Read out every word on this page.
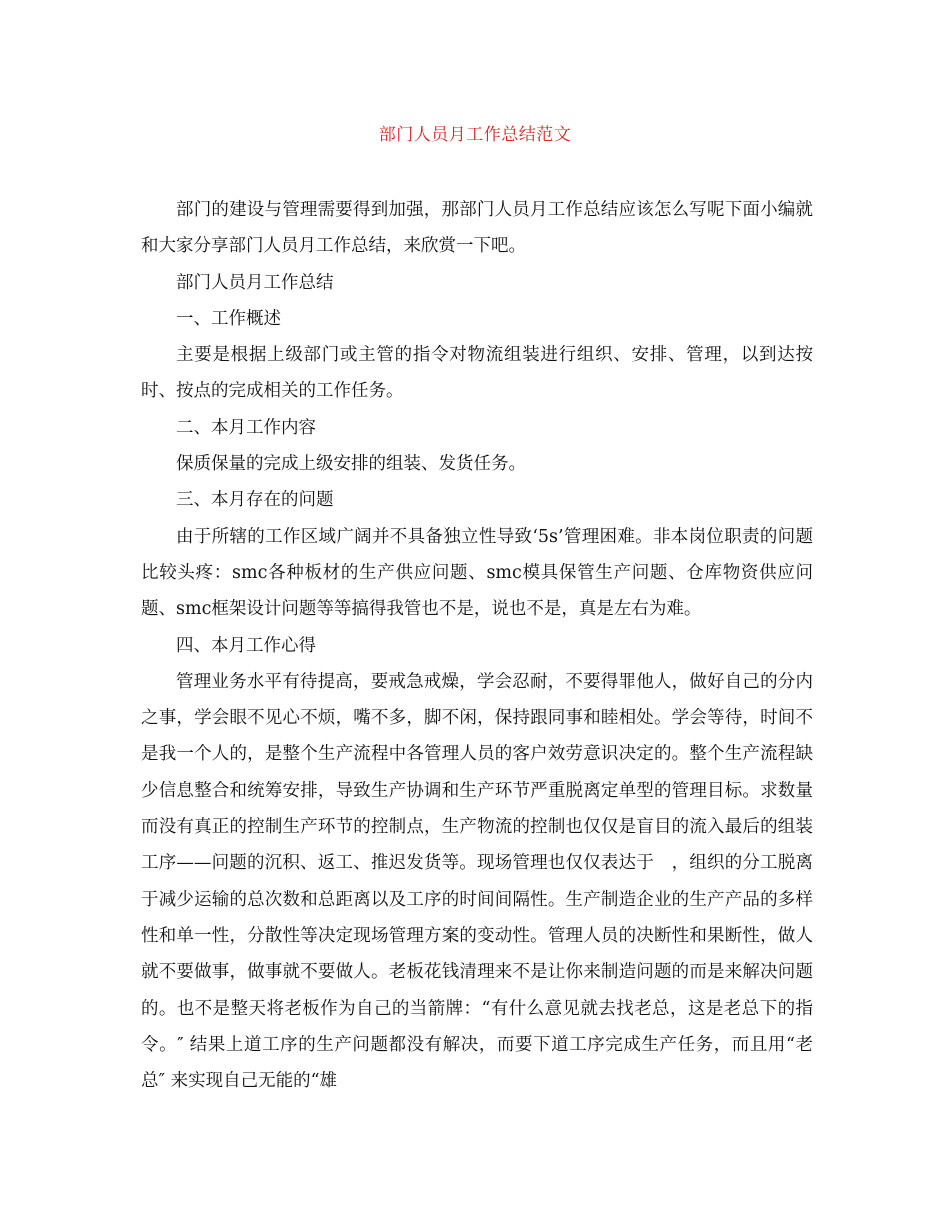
部门人员月工作总结范文

部门的建设与管理需要得到加强，那部门人员月工作总结应该怎么写呢下面小编就和大家分享部门人员月工作总结，来欣赏一下吧。

部门人员月工作总结

一、工作概述

主要是根据上级部门或主管的指令对物流组装进行组织、安排、管理，以到达按时、按点的完成相关的工作任务。

二、本月工作内容

保质保量的完成上级安排的组装、发货任务。

三、本月存在的问题

由于所辖的工作区域广阔并不具备独立性导致‘5s’管理困难。非本岗位职责的问题比较头疼：smc各种板材的生产供应问题、smc模具保管生产问题、仓库物资供应问题、smc框架设计问题等等搞得我管也不是，说也不是，真是左右为难。

四、本月工作心得

管理业务水平有待提高，要戒急戒燥，学会忍耐，不要得罪他人，做好自己的分内之事，学会眼不见心不烦，嘴不多，脚不闲，保持跟同事和睦相处。学会等待，时间不是我一个人的，是整个生产流程中各管理人员的客户效劳意识决定的。整个生产流程缺少信息整合和统筹安排，导致生产协调和生产环节严重脱离定单型的管理目标。求数量而没有真正的控制生产环节的控制点，生产物流的控制也仅仅是盲目的流入最后的组装工序——问题的沉积、返工、推迟发货等。现场管理也仅仅表达于　，组织的分工脱离于减少运输的总次数和总距离以及工序的时间间隔性。生产制造企业的生产产品的多样性和单一性，分散性等决定现场管理方案的变动性。管理人员的决断性和果断性，做人就不要做事，做事就不要做人。老板花钱清理来不是让你来制造问题的而是来解决问题的。也不是整天将老板作为自己的当箭牌：“有什么意见就去找老总，这是老总下的指令。″ 结果上道工序的生产问题都没有解决，而要下道工序完成生产任务，而且用“老总″ 来实现自己无能的“雄
